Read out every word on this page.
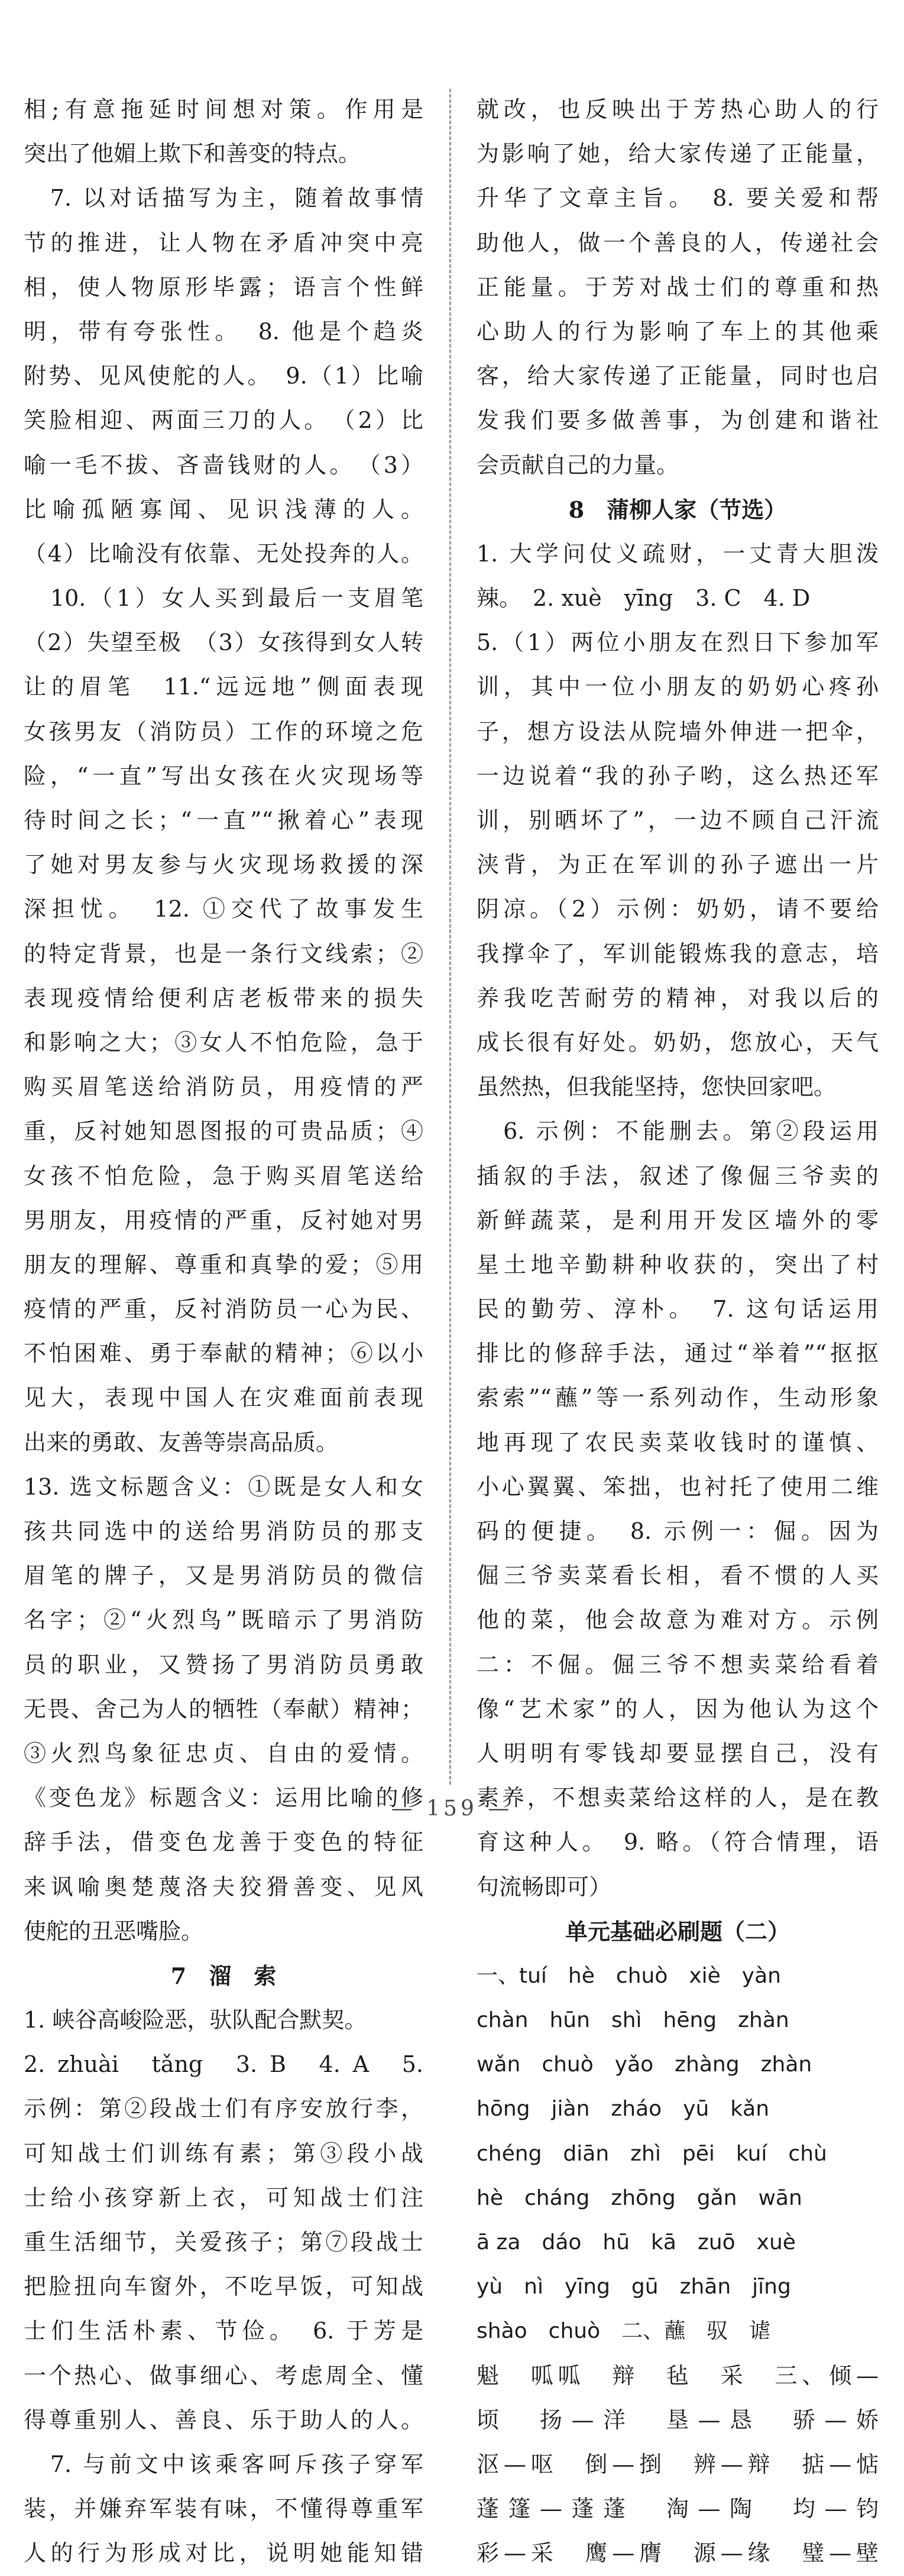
相;有意拖延时间想对策。作用是
突出了他媚上欺下和善变的特点。
　7. 以对话描写为主，随着故事情
节的推进，让人物在矛盾冲突中亮
相，使人物原形毕露；语言个性鲜
明，带有夸张性。　8. 他是个趋炎
附势、见风使舵的人。　9.（1）比喻
笑脸相迎、两面三刀的人。　（2）比
喻一毛不拔、吝啬钱财的人。　（3）
比喻孤陋寡闻、见识浅薄的人。
（4）比喻没有依靠、无处投奔的人。
　10.（1）女人买到最后一支眉笔
（2）失望至极　（3）女孩得到女人转
让的眉笔　11.“远远地”侧面表现
女孩男友（消防员）工作的环境之危
险，“一直”写出女孩在火灾现场等
待时间之长；“一直”“揪着心”表现
了她对男友参与火灾现场救援的深
深担忧。　12. ①交代了故事发生
的特定背景，也是一条行文线索；②
表现疫情给便利店老板带来的损失
和影响之大；③女人不怕危险，急于
购买眉笔送给消防员，用疫情的严
重，反衬她知恩图报的可贵品质；④
女孩不怕危险，急于购买眉笔送给
男朋友，用疫情的严重，反衬她对男
朋友的理解、尊重和真挚的爱；⑤用
疫情的严重，反衬消防员一心为民、
不怕困难、勇于奉献的精神；⑥以小
见大，表现中国人在灾难面前表现
出来的勇敢、友善等崇高品质。
13. 选文标题含义：①既是女人和女
孩共同选中的送给男消防员的那支
眉笔的牌子，又是男消防员的微信
名字；②“火烈鸟”既暗示了男消防
员的职业，又赞扬了男消防员勇敢
无畏、舍己为人的牺牲（奉献）精神；
③火烈鸟象征忠贞、自由的爱情。
《变色龙》标题含义：运用比喻的修
辞手法，借变色龙善于变色的特征
来讽喻奥楚蔑洛夫狡猾善变、见风
使舵的丑恶嘴脸。
7　溜　索
1. 峡谷高峻险恶，驮队配合默契。
2. zhuài　tǎng　3. B　4. A　5.
示例：第②段战士们有序安放行李，
可知战士们训练有素；第③段小战
士给小孩穿新上衣，可知战士们注
重生活细节，关爱孩子；第⑦段战士
把脸扭向车窗外，不吃早饭，可知战
士们生活朴素、节俭。　6. 于芳是
一个热心、做事细心、考虑周全、懂
得尊重别人、善良、乐于助人的人。
　7. 与前文中该乘客呵斥孩子穿军
装，并嫌弃军装有味，不懂得尊重军
人的行为形成对比，说明她能知错
就改，也反映出于芳热心助人的行
为影响了她，给大家传递了正能量，
升华了文章主旨。　8. 要关爱和帮
助他人，做一个善良的人，传递社会
正能量。于芳对战士们的尊重和热
心助人的行为影响了车上的其他乘
客，给大家传递了正能量，同时也启
发我们要多做善事，为创建和谐社
会贡献自己的力量。
8　蒲柳人家（节选）
1. 大学问仗义疏财，一丈青大胆泼
辣。　2. xuè　yīng　3. C　4. D
5.（1）两位小朋友在烈日下参加军
训，其中一位小朋友的奶奶心疼孙
子，想方设法从院墙外伸进一把伞，
一边说着“我的孙子哟，这么热还军
训，别晒坏了”，一边不顾自己汗流
浃背，为正在军训的孙子遮出一片
阴凉。（2）示例：奶奶，请不要给
我撑伞了，军训能锻炼我的意志，培
养我吃苦耐劳的精神，对我以后的
成长很有好处。奶奶，您放心，天气
虽然热，但我能坚持，您快回家吧。
　6. 示例：不能删去。第②段运用
插叙的手法，叙述了像倔三爷卖的
新鲜蔬菜，是利用开发区墙外的零
星土地辛勤耕种收获的，突出了村
民的勤劳、淳朴。　7. 这句话运用
排比的修辞手法，通过“举着”“抠抠
索索”“蘸”等一系列动作，生动形象
地再现了农民卖菜收钱时的谨慎、
小心翼翼、笨拙，也衬托了使用二维
码的便捷。　8. 示例一：倔。因为
倔三爷卖菜看长相，看不惯的人买
他的菜，他会故意为难对方。示例
二：不倔。倔三爷不想卖菜给看着
像“艺术家”的人，因为他认为这个
人明明有零钱却要显摆自己，没有
素养，不想卖菜给这样的人，是在教
育这种人。　9. 略。（符合情理，语
句流畅即可）
单元基础必刷题（二）
一、tuí　hè　chuò　xiè　yàn
chàn　hūn　shì　hēng　zhàn
wǎn　chuò　yǎo　zhàng　zhàn
hōng　jiàn　zháo　yū　kǎn
chéng　diān　zhì　pēi　kuí　chù
hè　cháng　zhōng　gǎn　wān
ā za　dáo　hū　kā　zuō　xuè
yù　nì　yīng　gū　zhān　jīng
shào　chuò　二、蘸　驭　谑
魁　呱呱　辩　毡　采　三、倾—
顷　扬—洋　垦—恳　骄—娇
沤—呕　倒—捯　辨—辩　掂—惦
蓬篷—蓬蓬　淘—陶　均—钧
彩—采　鹰—膺　源—缘　璧—壁
— 159 —
